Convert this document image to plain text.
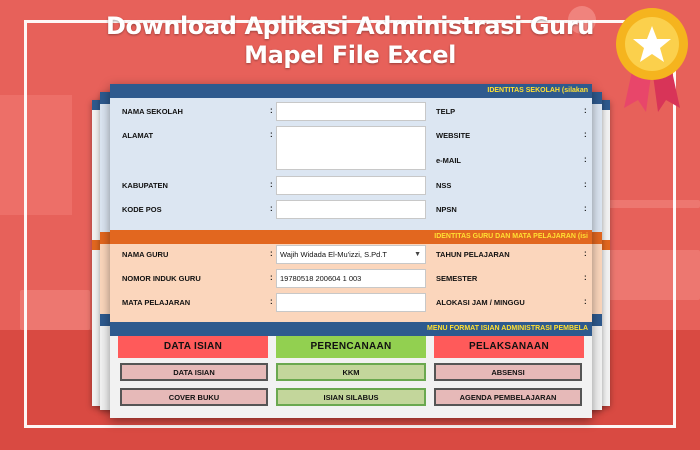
Download Aplikasi Administrasi Guru
Mapel File Excel
IDENTITAS SEKOLAH (silakan
NAMA SEKOLAH	:
ALAMAT	:
KABUPATEN	:
KODE POS	:
TELP	:
WEBSITE	:
e-MAIL	:
NSS	:
NPSN	:
IDENTITAS GURU DAN MATA PELAJARAN (isi
NAMA GURU	: Wajih Widada El-Mu'izzi, S.Pd.T	▼
NOMOR INDUK GURU	: 19780518 200604 1 003
MATA PELAJARAN	:
TAHUN PELAJARAN	:
SEMESTER	:
ALOKASI JAM / MINGGU	:
MENU FORMAT ISIAN ADMINISTRASI PEMBELA
DATA ISIAN	PERENCANAAN	PELAKSANAAN
DATA ISIAN	KKM	ABSENSI
COVER BUKU	ISIAN SILABUS	AGENDA PEMBELAJARAN
